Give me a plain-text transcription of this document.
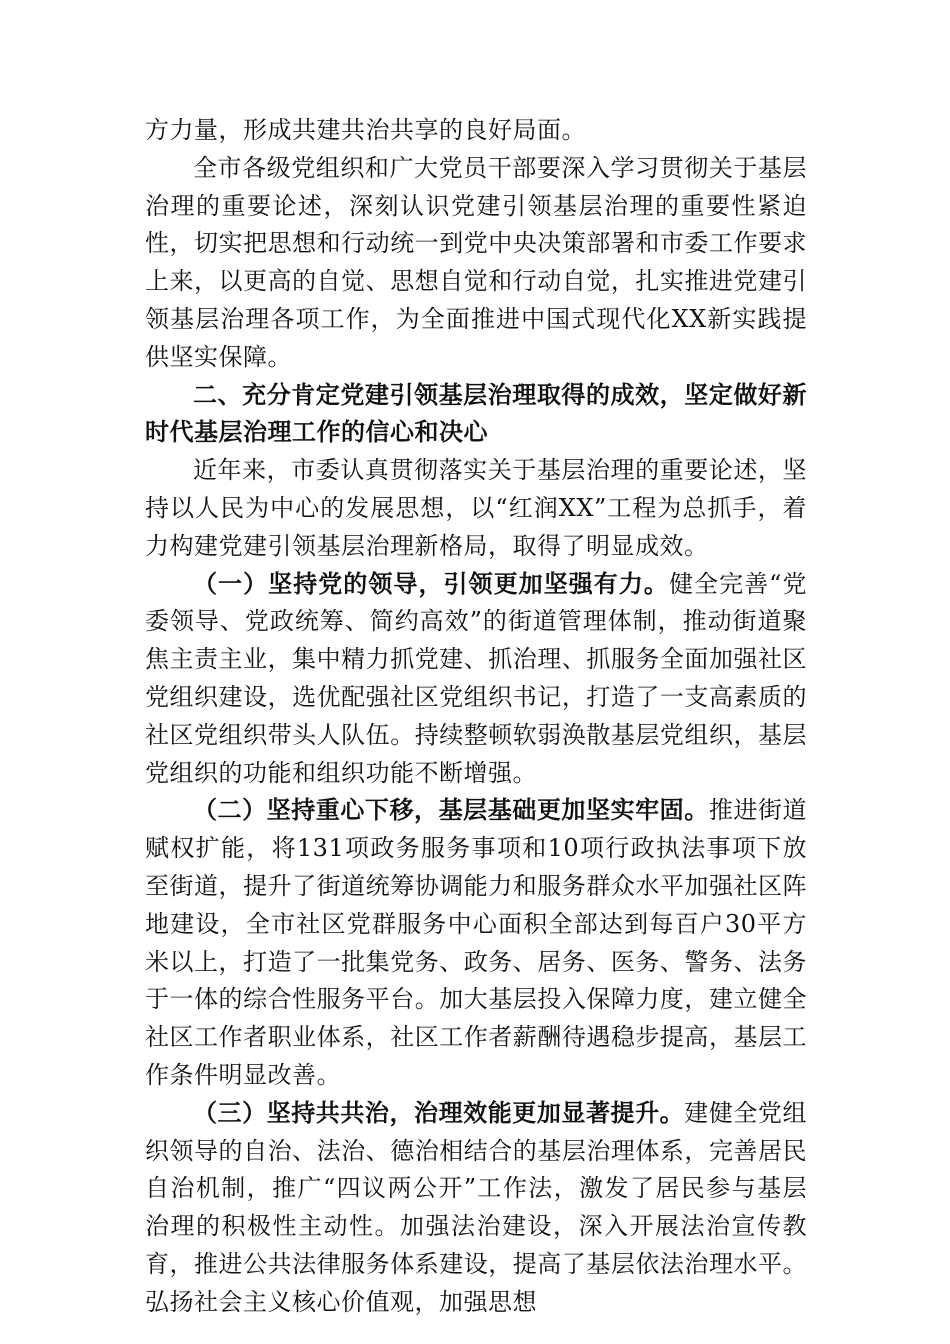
方力量，形成共建共治共享的良好局面。

全市各级党组织和广大党员干部要深入学习贯彻关于基层治理的重要论述，深刻认识党建引领基层治理的重要性紧迫性，切实把思想和行动统一到党中央决策部署和市委工作要求上来，以更高的自觉、思想自觉和行动自觉，扎实推进党建引领基层治理各项工作，为全面推进中国式现代化XX新实践提供坚实保障。

二、充分肯定党建引领基层治理取得的成效，坚定做好新时代基层治理工作的信心和决心

近年来，市委认真贯彻落实关于基层治理的重要论述，坚持以人民为中心的发展思想，以“红润XX”工程为总抓手，着力构建党建引领基层治理新格局，取得了明显成效。

（一）坚持党的领导，引领更加坚强有力。健全完善“党委领导、党政统筹、简约高效”的街道管理体制，推动街道聚焦主责主业，集中精力抓党建、抓治理、抓服务全面加强社区党组织建设，选优配强社区党组织书记，打造了一支高素质的社区党组织带头人队伍。持续整顿软弱涣散基层党组织，基层党组织的功能和组织功能不断增强。

（二）坚持重心下移，基层基础更加坚实牢固。推进街道赋权扩能，将131项政务服务事项和10项行政执法事项下放至街道，提升了街道统筹协调能力和服务群众水平加强社区阵地建设，全市社区党群服务中心面积全部达到每百户30平方米以上，打造了一批集党务、政务、居务、医务、警务、法务于一体的综合性服务平台。加大基层投入保障力度，建立健全社区工作者职业体系，社区工作者薪酬待遇稳步提高，基层工作条件明显改善。

（三）坚持共共治，治理效能更加显著提升。建健全党组织领导的自治、法治、德治相结合的基层治理体系，完善居民自治机制，推广“四议两公开”工作法，激发了居民参与基层治理的积极性主动性。加强法治建设，深入开展法治宣传教育，推进公共法律服务体系建设，提高了基层依法治理水平。弘扬社会主义核心价值观，加强思想
